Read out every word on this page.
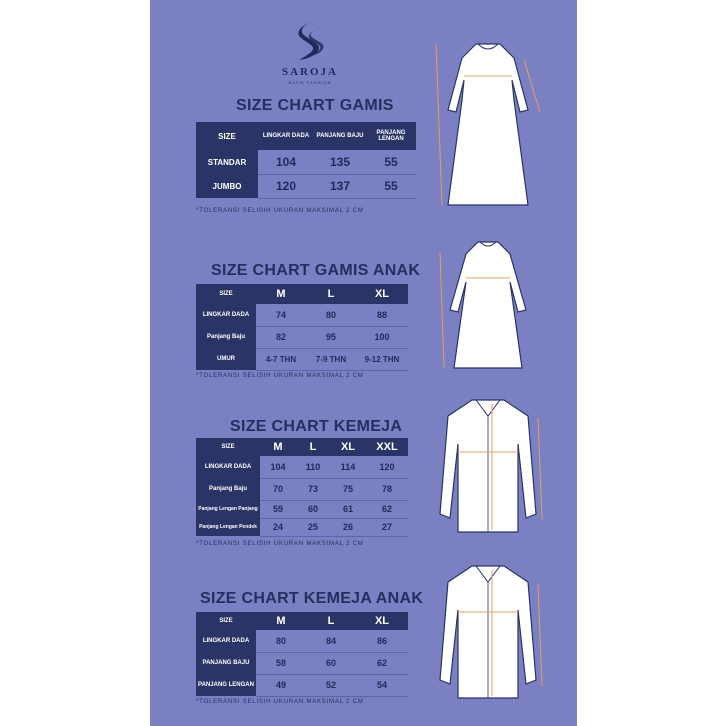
SAROJA
BATIK FASHION
SIZE CHART GAMIS
SIZE	LINGKAR DADA	PANJANG BAJU	PANJANG LENGAN
STANDAR	104	135	55
JUMBO	120	137	55
*TOLERANSI SELISIH UKURAN MAKSIMAL 2 CM
SIZE CHART GAMIS ANAK
SIZE	M	L	XL
LINGKAR DADA	74	80	88
Panjang Baju	82	95	100
UMUR	4-7 THN	7-9 THN	9-12 THN
*TOLERANSI SELISIH UKURAN MAKSIMAL 2 CM
SIZE CHART KEMEJA
SIZE	M	L	XL	XXL
LINGKAR DADA	104	110	114	120
Panjang Baju	70	73	75	78
Panjang Lengan Panjang	59	60	61	62
Panjang Lengan Pendek	24	25	26	27
*TOLERANSI SELISIH UKURAN MAKSIMAL 2 CM
SIZE CHART KEMEJA ANAK
SIZE	M	L	XL
LINGKAR DADA	80	84	86
PANJANG BAJU	58	60	62
PANJANG LENGAN	49	52	54
*TOLERANSI SELISIH UKURAN MAKSIMAL 2 CM
